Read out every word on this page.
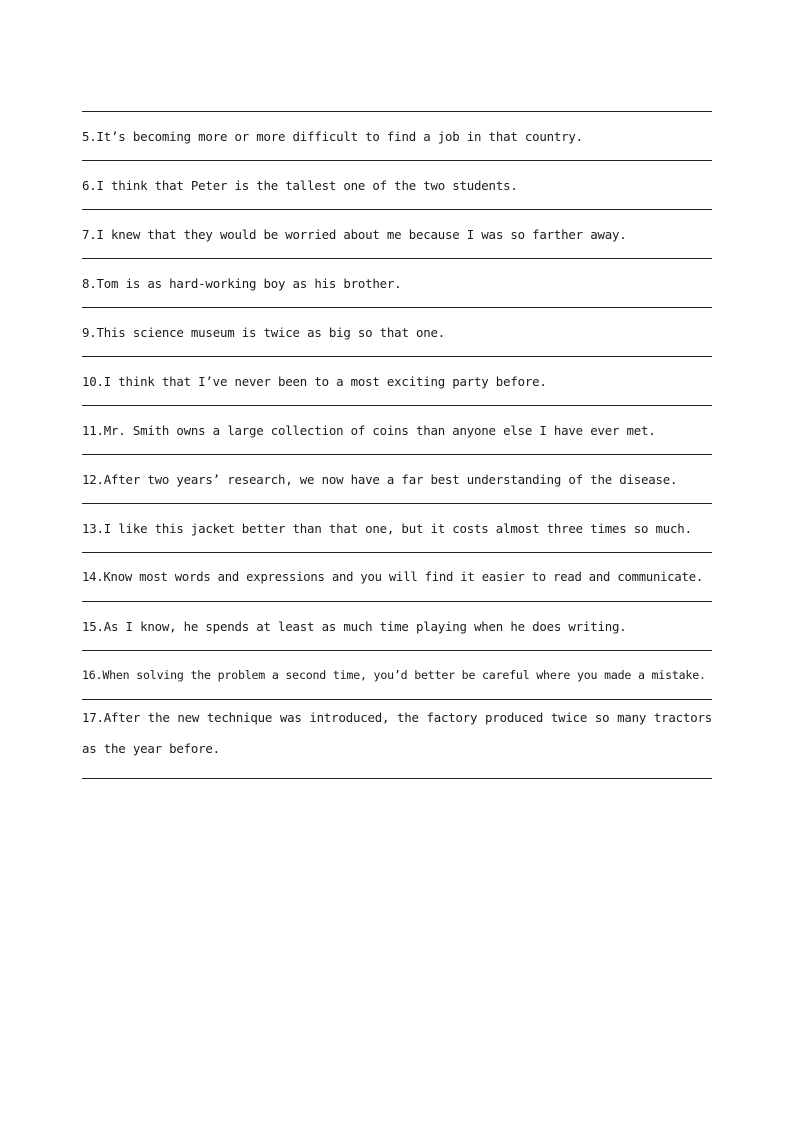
5. It’s becoming more or more difficult to find a job in that country.
6. I think that Peter is the tallest one of the two students.
7. I knew that they would be worried about me because I was so farther away.
8. Tom is as hard-working boy as his brother.
9. This science museum is twice as big so that one.
10. I think that I’ve never been to a most exciting party before.
11. Mr. Smith owns a large collection of coins than anyone else I have ever met.
12. After two years’ research, we now have a far best understanding of the disease.
13. I like this jacket better than that one, but it costs almost three times so much.
14. Know most words and expressions and you will find it easier to read and communicate.
15. As I know, he spends at least as much time playing when he does writing.
16. When solving the problem a second time, you’d better be careful where you made a mistake.
17.After the new technique was introduced, the factory produced twice so many tractors as the year before.
